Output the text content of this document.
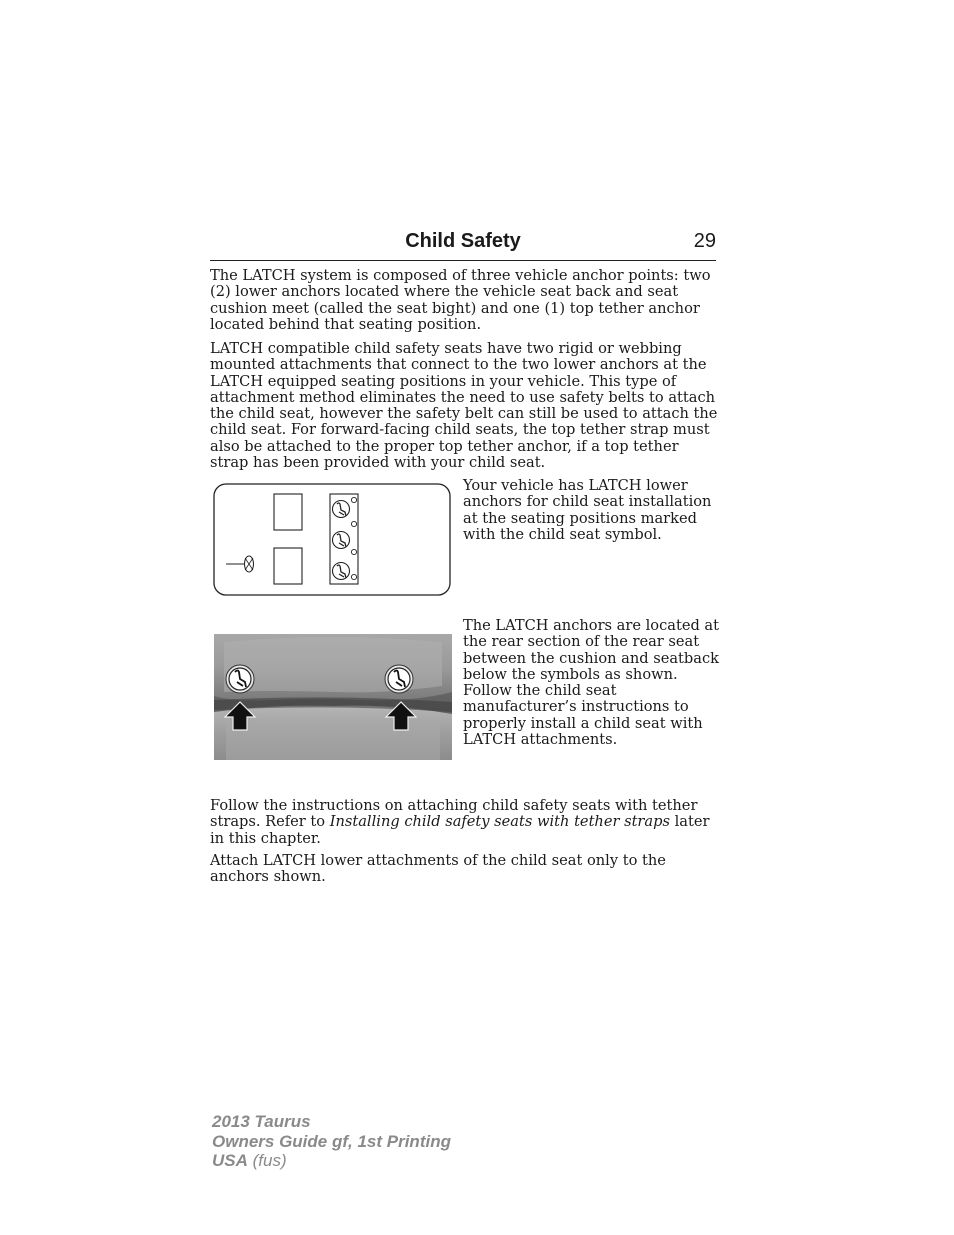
Child Safety	29

The LATCH system is composed of three vehicle anchor points: two (2) lower anchors located where the vehicle seat back and seat cushion meet (called the seat bight) and one (1) top tether anchor located behind that seating position.

LATCH compatible child safety seats have two rigid or webbing mounted attachments that connect to the two lower anchors at the LATCH equipped seating positions in your vehicle. This type of attachment method eliminates the need to use safety belts to attach the child seat, however the safety belt can still be used to attach the child seat. For forward-facing child seats, the top tether strap must also be attached to the proper top tether anchor, if a top tether strap has been provided with your child seat.

Your vehicle has LATCH lower anchors for child seat installation at the seating positions marked with the child seat symbol.

The LATCH anchors are located at the rear section of the rear seat between the cushion and seatback below the symbols as shown. Follow the child seat manufacturer’s instructions to properly install a child seat with LATCH attachments.

Follow the instructions on attaching child safety seats with tether straps. Refer to Installing child safety seats with tether straps later in this chapter.

Attach LATCH lower attachments of the child seat only to the anchors shown.

2013 Taurus
Owners Guide gf, 1st Printing
USA (fus)
